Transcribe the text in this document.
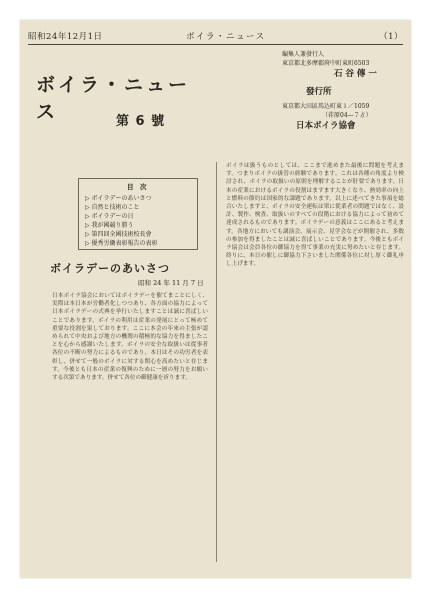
昭和24年12月1日	ボイラ・ニュース	（1）
ボイラ・ニュース	第 6 號
編集人兼發行人
東京都北多摩郡府中町東町6503
石 谷 傳 一
發行所
東京都大田區馬込町東１／1059
（荏原04—７ゟ）
日本ボイラ協會
目　次
▷ ボイラデーのあいさつ
▷ 自然と技術のこと
▷ ボイラデーの日
▷ 我が國競り勝う
▷ 第四回全國技術校長會
▷ 優秀労働表彰報告の表彰
ボイラデーのあいさつ
昭和 24 年 11 月 7 日
日本ボイラ協会においてはボイラデーを催てまことにしく、実際は本日本が労働者化しつつあり、各方面の協力によって日本ボイラデーの式典を挙行いたしますことは誠に喜ばしいことであります。ボイラの利用は産業の発展にとって極めて重要な役割を果しております。ここに本会の年來の主張が認められて中央および地方の機関の積極的な協力を得ましたことを心から感謝いたします。ボイラの安全な取扱いは從事者各位の不断の努力によるものであり、本日はその功労者を表彰し、併せて一般のボイラに対する関心を高めたいと存じます。今後とも日本の産業の復興のために一層の努力をお願いする次第であります。併せて各位の御健康を祈ります。
ボイラは扱うものとしては、ここまで進めまた最後に問題を考えます。つまりボイラの扱管の經験であります。これは各種の角度より検討され、ボイラの取扱いの原則を理解することが肝要であります。日本の産業におけるボイラの役割はますます大きくなり、熱効率の向上と燃料の節約は国家的な課題であります。以上に述べてきた事項を総合いたしますと、ボイラの安全運転は單に從業者の問題ではなく、設計、製作、検査、取扱いのすべての段階における協力によって初めて達成されるものであります。ボイラデーの意義はここにあると考えます。各地方においても講演会、展示会、見学会などが開催され、多数の参加を得ましたことは誠に喜ばしいことであります。今後ともボイラ協会は会員各位の御協力を得て事業の充実に努めたいと存じます。終りに、本日の催しに御協力下さいました関係各位に対し厚く御礼申し上げます。
